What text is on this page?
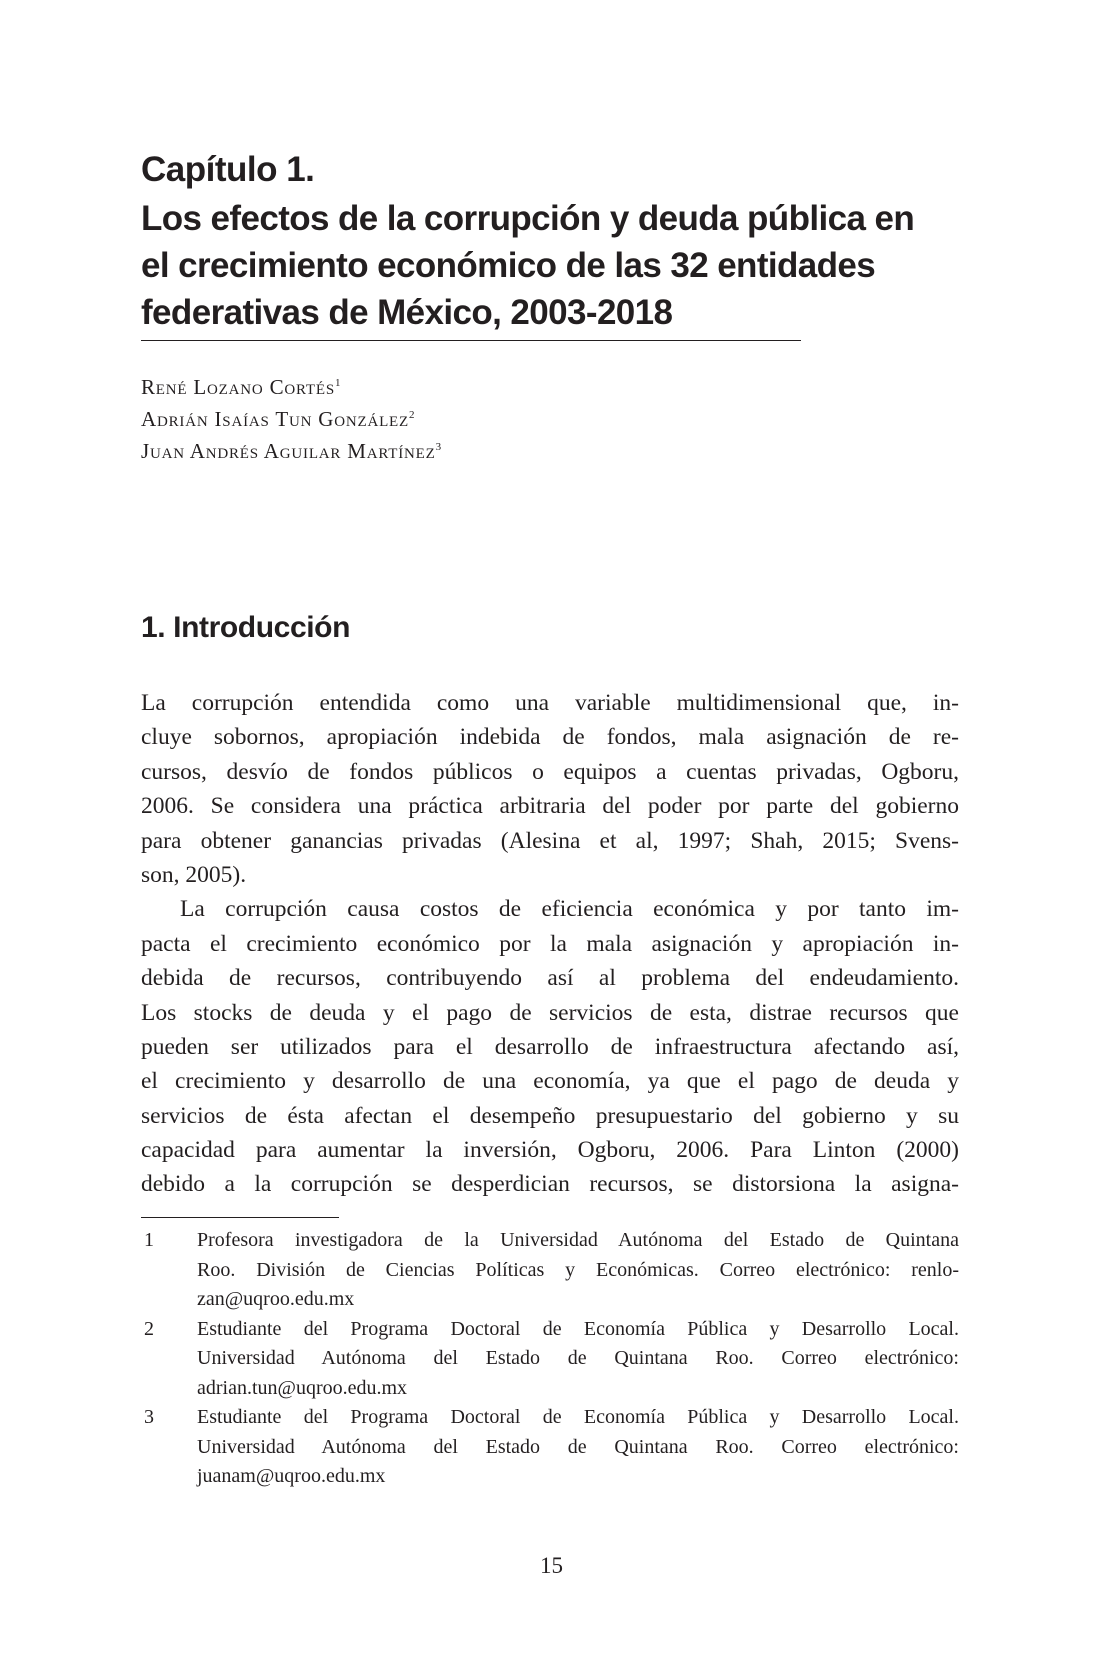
Capítulo 1.
Los efectos de la corrupción y deuda pública en
el crecimiento económico de las 32 entidades
federativas de México, 2003-2018
René Lozano Cortés$^1$
Adrián Isaías Tun González$^2$
Juan Andrés Aguilar Martínez$^3$
1. Introducción
La corrupción entendida como una variable multidimensional que, in-
cluye sobornos, apropiación indebida de fondos, mala asignación de re-
cursos, desvío de fondos públicos o equipos a cuentas privadas, Ogboru,
2006. Se considera una práctica arbitraria del poder por parte del gobierno
para obtener ganancias privadas (Alesina et al, 1997; Shah, 2015; Svens-
son, 2005).
La corrupción causa costos de eficiencia económica y por tanto im-
pacta el crecimiento económico por la mala asignación y apropiación in-
debida de recursos, contribuyendo así al problema del endeudamiento.
Los stocks de deuda y el pago de servicios de esta, distrae recursos que
pueden ser utilizados para el desarrollo de infraestructura afectando así,
el crecimiento y desarrollo de una economía, ya que el pago de deuda y
servicios de ésta afectan el desempeño presupuestario del gobierno y su
capacidad para aumentar la inversión, Ogboru, 2006. Para Linton (2000)
debido a la corrupción se desperdician recursos, se distorsiona la asigna-
1 Profesora investigadora de la Universidad Autónoma del Estado de Quintana
Roo. División de Ciencias Políticas y Económicas. Correo electrónico: renlo-
zan@uqroo.edu.mx
2 Estudiante del Programa Doctoral de Economía Pública y Desarrollo Local.
Universidad Autónoma del Estado de Quintana Roo. Correo electrónico:
adrian.tun@uqroo.edu.mx
3 Estudiante del Programa Doctoral de Economía Pública y Desarrollo Local.
Universidad Autónoma del Estado de Quintana Roo. Correo electrónico:
juanam@uqroo.edu.mx
15
